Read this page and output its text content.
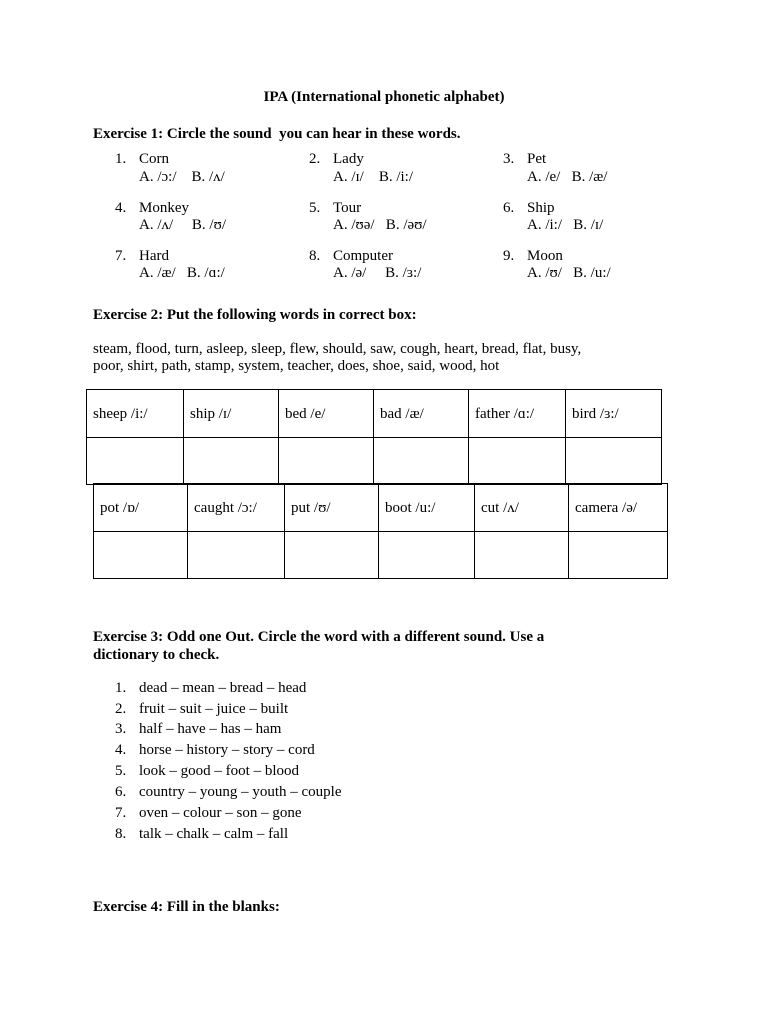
IPA (International phonetic alphabet)
Exercise 1: Circle the sound  you can hear in these words.
1. Corn
A. /ɔ:/    B. /ʌ/
2. Lady
A. /ɪ/    B. /i:/
3. Pet
A. /e/   B. /æ/
4. Monkey
A. /ʌ/     B. /ʊ/
5. Tour
A. /ʊə/   B. /əʊ/
6. Ship
A. /i:/   B. /ɪ/
7. Hard
A. /æ/   B. /ɑ:/
8. Computer
A. /ə/     B. /ɜ:/
9. Moon
A. /ʊ/   B. /u:/
Exercise 2: Put the following words in correct box:
steam, flood, turn, asleep, sleep, flew, should, saw, cough, heart, bread, flat, busy,
poor, shirt, path, stamp, system, teacher, does, shoe, said, wood, hot
sheep /i:/	ship /ɪ/	bed /e/	bad /æ/	father /ɑ:/	bird /ɜ:/

pot /ɒ/	caught /ɔ:/	put /ʊ/	boot /u:/	cut /ʌ/	camera /ə/

Exercise 3: Odd one Out. Circle the word with a different sound. Use a
dictionary to check.
1. dead – mean – bread – head
2. fruit – suit – juice – built
3. half – have – has – ham
4. horse – history – story – cord
5. look – good – foot – blood
6. country – young – youth – couple
7. oven – colour – son – gone
8. talk – chalk – calm – fall
Exercise 4: Fill in the blanks:
